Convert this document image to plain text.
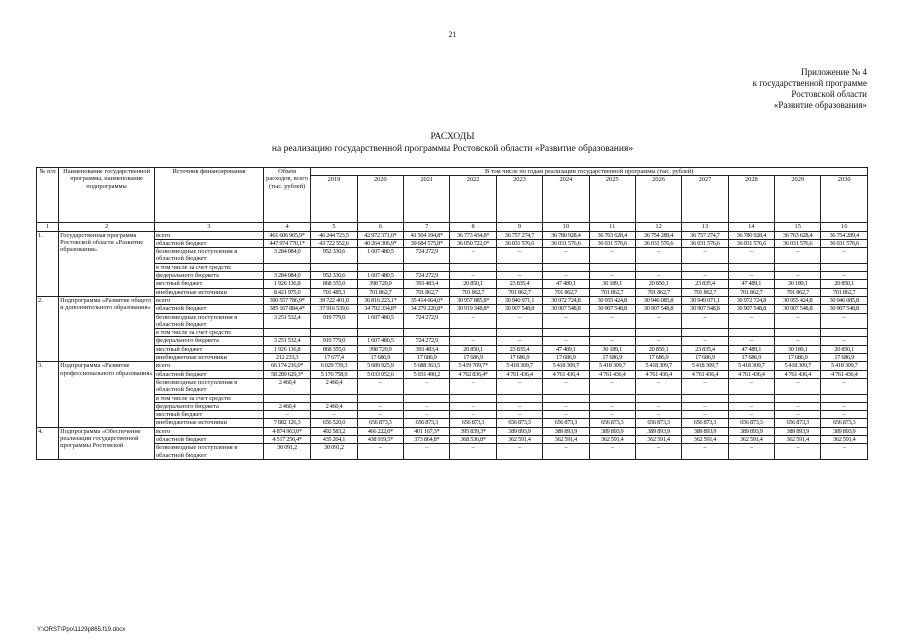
21
Приложение № 4
к государственной программе
Ростовской области
«Развитие образования»
РАСХОДЫ
на реализацию государственной программы Ростовской области «Развитие образования»
№ п/п	Наименование государственной программы, наименование подпрограммы	Источник финансирования	Объем расходов, всего (тыс. рублей)	В том числе по годам реализации государственной программы (тыс. рублей)											
				2019	2020	2021	2022	2023	2024	2025	2026	2027	2028	2029	2030
1	2	3	4	5	6	7	8	9	10	11	12	13	14	15	16
1.	Государственная программа Ростовской области «Развитие образования»	всего	461 606 965,9*	46 244 723,5	42 972 371,0*	41 504 194,8*	36 773 434,8*	36 757 274,7	36 780 928,4	36 763 628,4	36 754 289,4	36 757 274,7	36 780 928,4	36 763 628,4	36 754 289,4
		областной бюджет	447 974 770,1*	43 722 552,6	40 264 306,9*	39 684 575,8*	36 050 722,0*	36 031 576,6	36 031 576,6	36 031 576,6	36 031 576,6	36 031 576,6	36 031 576,6	36 031 576,6	36 031 576,6
		безвозмездные поступления в областной бюджет	3 284 084,0	952 330,6	1 607 480,5	724 272,9	–	–	–	–	–	–	–	–	–
		в том числе за счет средств:													
		федерального бюджета	3 284 084,0	952 330,6	1 607 480,5	724 272,9	–	–	–	–	–	–	–	–	–
		местный бюджет	1 926 136,8	868 355,0	398 720,9	393 483,4	20 850,1	23 835,4	47 489,1	30 189,1	20 850,1	23 835,4	47 489,1	30 189,1	20 850,1
		внебюджетные источники	8 421 975,0	701 485,3	701 862,7	701 862,7	701 862,7	701 862,7	701 862,7	701 862,7	701 862,7	701 862,7	701 862,7	701 862,7	701 862,7
2.	Подпрограмма «Развитие общего и дополнительного образования»	всего	390 557 786,9*	39 722 401,0	36 816 223,1*	35 414 664,0*	30 957 885,8*	30 940 971,1	30 972 724,8	30 955 424,8	30 946 085,8	30 949 071,1	30 972 724,8	30 955 424,8	30 946 085,8
		областной бюджет	385 167 884,4*	37 916 539,6	34 792 334,8*	34 279 220,8*	30 919 348,8*	30 907 548,8	30 907 548,8	30 907 548,8	30 907 548,8	30 907 548,8	30 907 548,8	30 907 548,8	30 907 548,8
		безвозмездные поступления в областной бюджет	3 251 532,4	919 779,0	1 607 480,5	724 272,9	–	–	–	–	–	–	–	–	–
		в том числе за счет средств:													
		федерального бюджета	3 251 532,4	919 779,0	1 607 480,5	724 272,9	–	–	–	–	–	–	–	–	–
		местный бюджет	1 926 136,8	868 355,0	398 720,9	393 483,4	20 850,1	23 835,4	47 489,1	30 189,1	20 850,1	23 835,4	47 489,1	30 189,1	20 850,1
		внебюджетные источники	212 233,3	17 677,4	17 686,9	17 686,9	17 686,9	17 686,9	17 686,9	17 686,9	17 686,9	17 686,9	17 686,9	17 686,9	17 686,9
3.	Подпрограмма «Развитие профессионального образования»	всего	66 174 216,0*	6 029 739,3	5 689 925,9	5 688 363,5	5 419 709,7*	5 418 309,7	5 418 309,7	5 418 309,7	5 418 309,7	5 418 309,7	5 418 309,7	5 418 309,7	5 418 309,7
		областной бюджет	58 289 629,3*	5 170 758,9	5 033 052,6	5 031 490,2	4 762 836,4*	4 761 436,4	4 761 436,4	4 761 436,4	4 761 436,4	4 761 436,4	4 761 436,4	4 761 436,4	4 761 436,4
		безвозмездные поступления в областной бюджет	2 460,4	2 460,4	–	–	–	–	–	–	–	–	–	–	–
		в том числе за счет средств:													
		федерального бюджета	2 460,4	2 460,4	–	–	–	–	–	–	–	–	–	–	–
		местный бюджет	–	–	–	–	–	–	–	–	–	–	–	–	–
		внебюджетные источники	7 882 126,3	656 520,0	656 873,3	656 873,3	656 873,3	656 873,3	656 873,3	656 873,3	656 873,3	656 873,3	656 873,3	656 873,3	656 873,3
4.	Подпрограмма «Обеспечение реализации государственной программы Ростовской	всего	4 874 963,0*	492 583,2	466 222,0*	401 167,3*	395 839,3*	389 893,9	389 893,9	389 893,9	389 893,9	389 893,9	389 893,9	389 893,9	389 893,9
		областной бюджет	4 517 256,4*	435 204,1	438 919,5*	373 864,8*	368 536,8*	362 591,4	362 591,4	362 591,4	362 591,4	362 591,4	362 591,4	362 591,4	362 591,4
		безвозмездные поступления в областной бюджет	30 091,2	30 091,2	–	–	–	–	–	–	–	–	–	–	–
Y:\ORST\Ppo\1129p865.f19.docx
